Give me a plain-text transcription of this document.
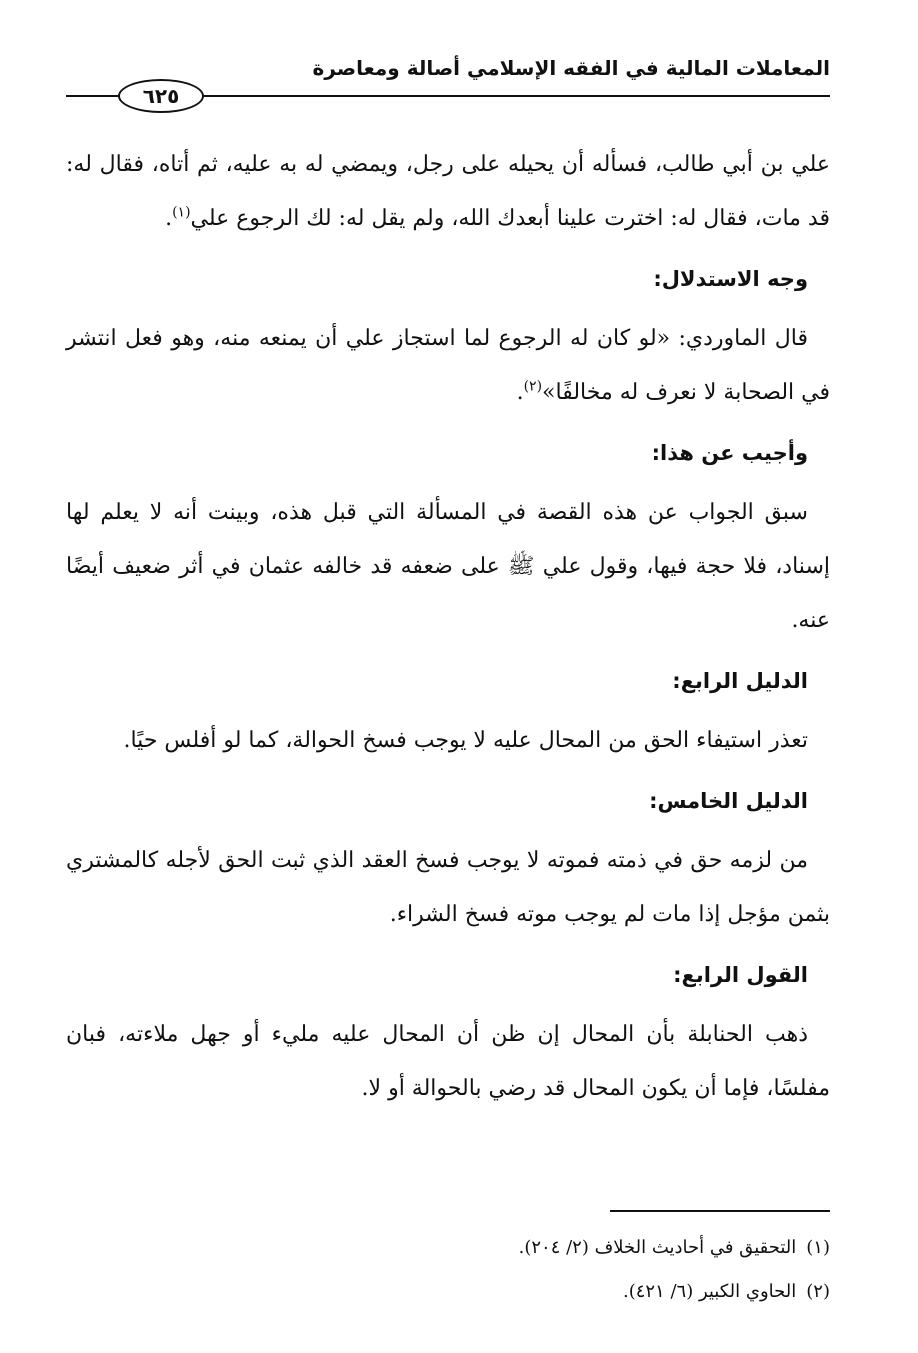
المعاملات المالية في الفقه الإسلامي أصالة ومعاصرة
٦٢٥

علي بن أبي طالب، فسأله أن يحيله على رجل، ويمضي له به عليه، ثم أتاه، فقال له: قد مات، فقال له: اخترت علينا أبعدك الله، ولم يقل له: لك الرجوع علي$^{(١)}$.

وجه الاستدلال:

قال الماوردي: «لو كان له الرجوع لما استجاز علي أن يمنعه منه، وهو فعل انتشر في الصحابة لا نعرف له مخالفًا»$^{(٢)}$.

وأجيب عن هذا:

سبق الجواب عن هذه القصة في المسألة التي قبل هذه، وبينت أنه لا يعلم لها إسناد، فلا حجة فيها، وقول علي ﷺ على ضعفه قد خالفه عثمان في أثر ضعيف أيضًا عنه.

الدليل الرابع:

تعذر استيفاء الحق من المحال عليه لا يوجب فسخ الحوالة، كما لو أفلس حيًا.

الدليل الخامس:

من لزمه حق في ذمته فموته لا يوجب فسخ العقد الذي ثبت الحق لأجله كالمشتري بثمن مؤجل إذا مات لم يوجب موته فسخ الشراء.

القول الرابع:

ذهب الحنابلة بأن المحال إن ظن أن المحال عليه مليء أو جهل ملاءته، فبان مفلسًا، فإما أن يكون المحال قد رضي بالحوالة أو لا.

(١)التحقيق في أحاديث الخلاف (٢/ ٢٠٤).

(٢)الحاوي الكبير (٦/ ٤٢١).
